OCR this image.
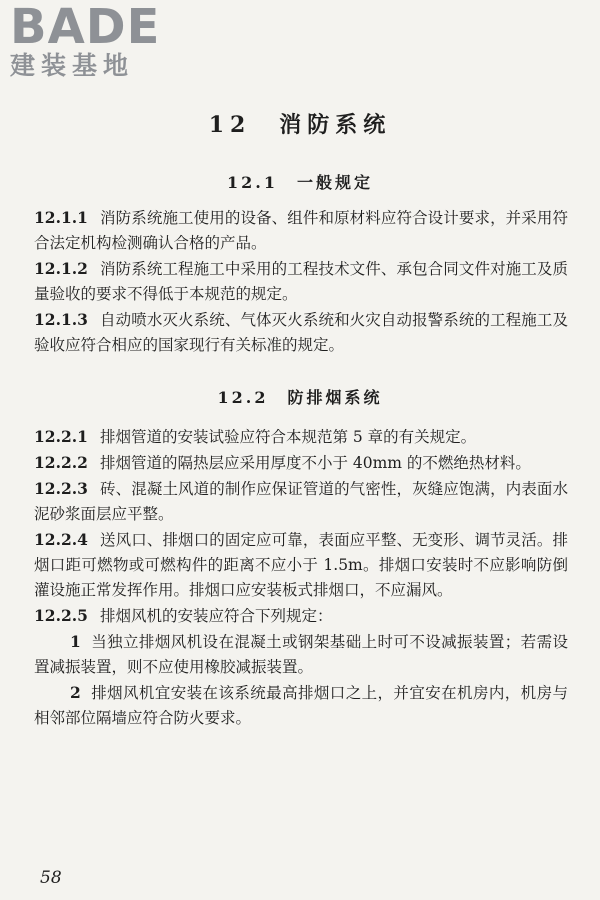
BADE
建装基地
12　消防系统
12.1　一般规定

12.1.1 消防系统施工使用的设备、组件和原材料应符合设计要求，并采用符合法定机构检测确认合格的产品。

12.1.2 消防系统工程施工中采用的工程技术文件、承包合同文件对施工及质量验收的要求不得低于本规范的规定。

12.1.3 自动喷水灭火系统、气体灭火系统和火灾自动报警系统的工程施工及验收应符合相应的国家现行有关标准的规定。

12.2　防排烟系统

12.2.1 排烟管道的安装试验应符合本规范第 5 章的有关规定。

12.2.2 排烟管道的隔热层应采用厚度不小于 40mm 的不燃绝热材料。

12.2.3 砖、混凝土风道的制作应保证管道的气密性，灰缝应饱满，内表面水泥砂浆面层应平整。

12.2.4 送风口、排烟口的固定应可靠，表面应平整、无变形、调节灵活。排烟口距可燃物或可燃构件的距离不应小于 1.5m。排烟口安装时不应影响防倒灌设施正常发挥作用。排烟口应安装板式排烟口，不应漏风。

12.2.5 排烟风机的安装应符合下列规定：

1 当独立排烟风机设在混凝土或钢架基础上时可不设减振装置；若需设置减振装置，则不应使用橡胶减振装置。

2 排烟风机宜安装在该系统最高排烟口之上，并宜安在机房内，机房与相邻部位隔墙应符合防火要求。

58
